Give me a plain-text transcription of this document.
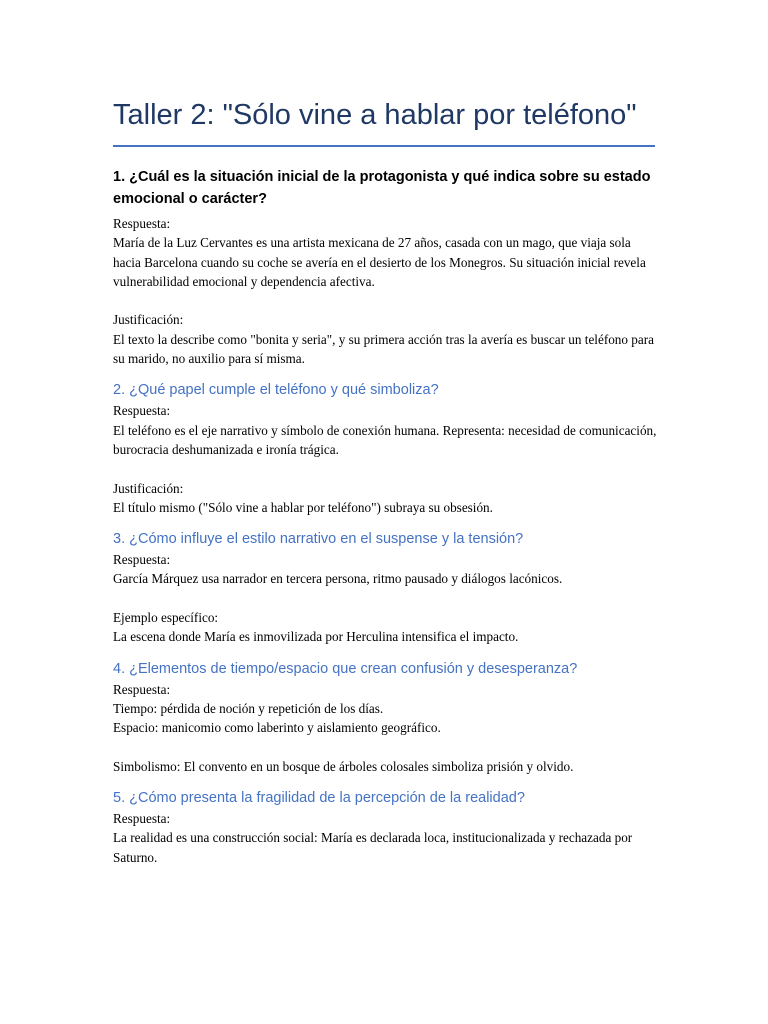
Taller 2: "Sólo vine a hablar por teléfono"

1. ¿Cuál es la situación inicial de la protagonista y qué indica sobre su estado emocional o carácter?

Respuesta:

María de la Luz Cervantes es una artista mexicana de 27 años, casada con un mago, que viaja sola hacia Barcelona cuando su coche se avería en el desierto de los Monegros. Su situación inicial revela vulnerabilidad emocional y dependencia afectiva.

Justificación:

El texto la describe como "bonita y seria", y su primera acción tras la avería es buscar un teléfono para su marido, no auxilio para sí misma.

2. ¿Qué papel cumple el teléfono y qué simboliza?

Respuesta:

El teléfono es el eje narrativo y símbolo de conexión humana. Representa: necesidad de comunicación, burocracia deshumanizada e ironía trágica.

Justificación:

El título mismo ("Sólo vine a hablar por teléfono") subraya su obsesión.

3. ¿Cómo influye el estilo narrativo en el suspense y la tensión?

Respuesta:

García Márquez usa narrador en tercera persona, ritmo pausado y diálogos lacónicos.

Ejemplo específico:

La escena donde María es inmovilizada por Herculina intensifica el impacto.

4. ¿Elementos de tiempo/espacio que crean confusión y desesperanza?

Respuesta:

Tiempo: pérdida de noción y repetición de los días.

Espacio: manicomio como laberinto y aislamiento geográfico.

Simbolismo: El convento en un bosque de árboles colosales simboliza prisión y olvido.

5. ¿Cómo presenta la fragilidad de la percepción de la realidad?

Respuesta:

La realidad es una construcción social: María es declarada loca, institucionalizada y rechazada por Saturno.
